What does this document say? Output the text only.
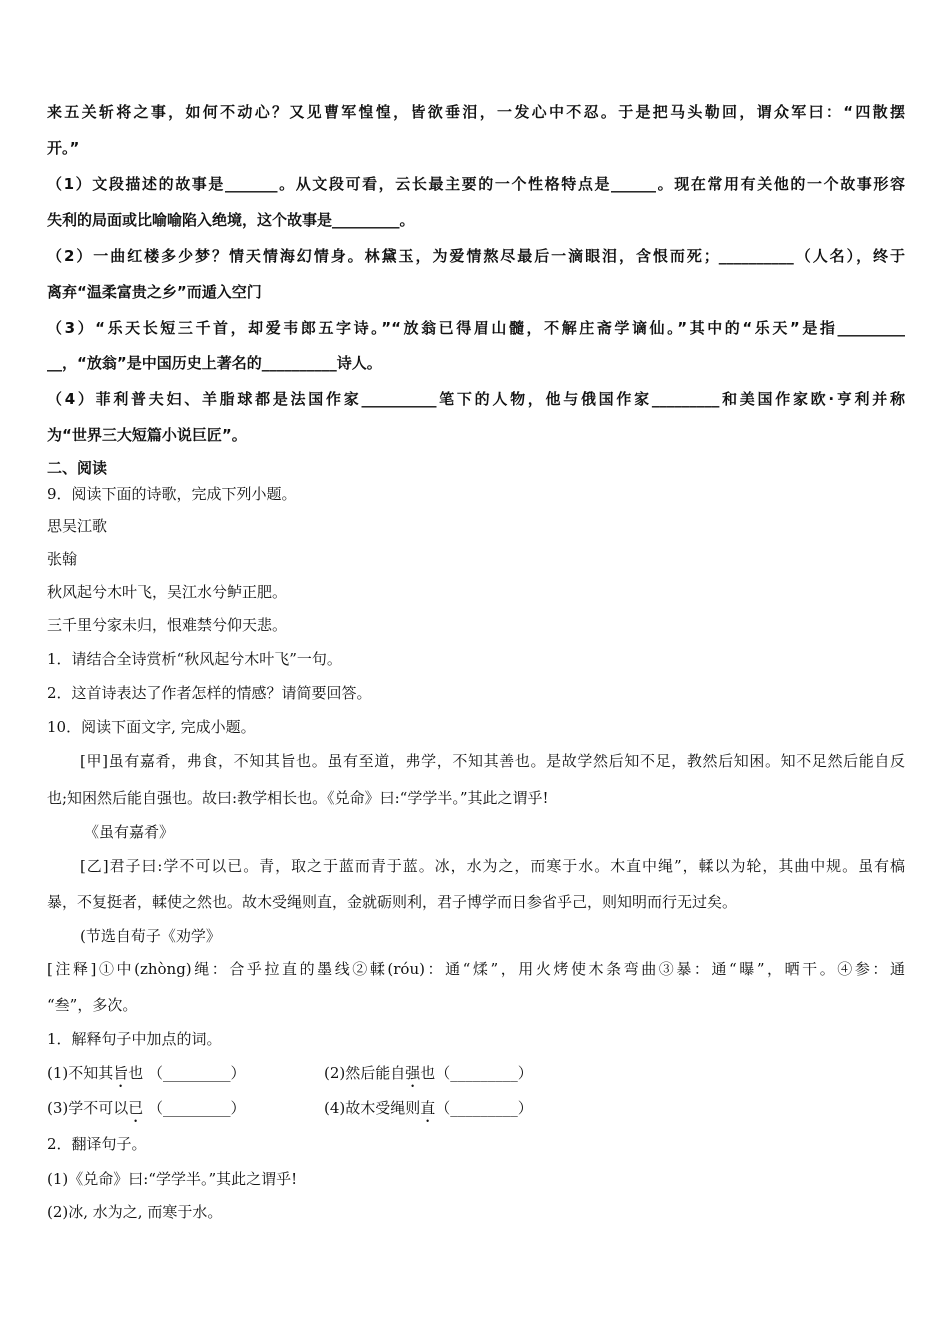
来五关斩将之事，如何不动心？又见曹军惶惶，皆欲垂泪，一发心中不忍。于是把马头勒回，谓众军曰：“四散摆
开。”
（1）文段描述的故事是_______。从文段可看，云长最主要的一个性格特点是______。现在常用有关他的一个故事形容
失利的局面或比喻喻陷入绝境，这个故事是_________。
（2）一曲红楼多少梦？情天情海幻情身。林黛玉，为爱情熬尽最后一滴眼泪，含恨而死；__________（人名），终于
离弃“温柔富贵之乡”而遁入空门
（3）“乐天长短三千首，却爱韦郎五字诗。”“放翁已得眉山髓，不解庄斋学谪仙。”其中的“乐天”是指_________
__，“放翁”是中国历史上著名的__________诗人。
（4）菲利普夫妇、羊脂球都是法国作家__________笔下的人物，他与俄国作家_________和美国作家欧·亨利并称
为“世界三大短篇小说巨匠”。
二、阅读
9．阅读下面的诗歌，完成下列小题。
思吴江歌
张翰
秋风起兮木叶飞，吴江水兮鲈正肥。
三千里兮家未归，恨难禁兮仰天悲。
1．请结合全诗赏析“秋风起兮木叶飞”一句。
2．这首诗表达了作者怎样的情感？请简要回答。
10．阅读下面文字, 完成小题。
[甲]虽有嘉肴，弗食，不知其旨也。虽有至道，弗学，不知其善也。是故学然后知不足，教然后知困。知不足然后能自反
也;知困然后能自强也。故曰:教学相长也。《兑命》曰:“学学半。”其此之谓乎!
《虽有嘉肴》
[乙]君子曰:学不可以已。青，取之于蓝而青于蓝。冰，水为之，而寒于水。木直中绳”，輮以为轮，其曲中规。虽有槁
暴，不复挺者，輮使之然也。故木受绳则直，金就砺则利，君子博学而日参省乎己，则知明而行无过矣。
(节选自荀子《劝学》
[注释]①中(zhòng)绳：合乎拉直的墨线②輮(róu)：通“煣”，用火烤使木条弯曲③暴：通“曝”，晒干。④参：通
“叁”，多次。
1．解释句子中加点的词。
(1)不知其旨也 （_________）	(2)然后能自强也（_________）
(3)学不可以已 （_________）	(4)故木受绳则直（_________）
2．翻译句子。
(1)《兑命》曰:“学学半。”其此之谓乎!
(2)冰, 水为之, 而寒于水。
